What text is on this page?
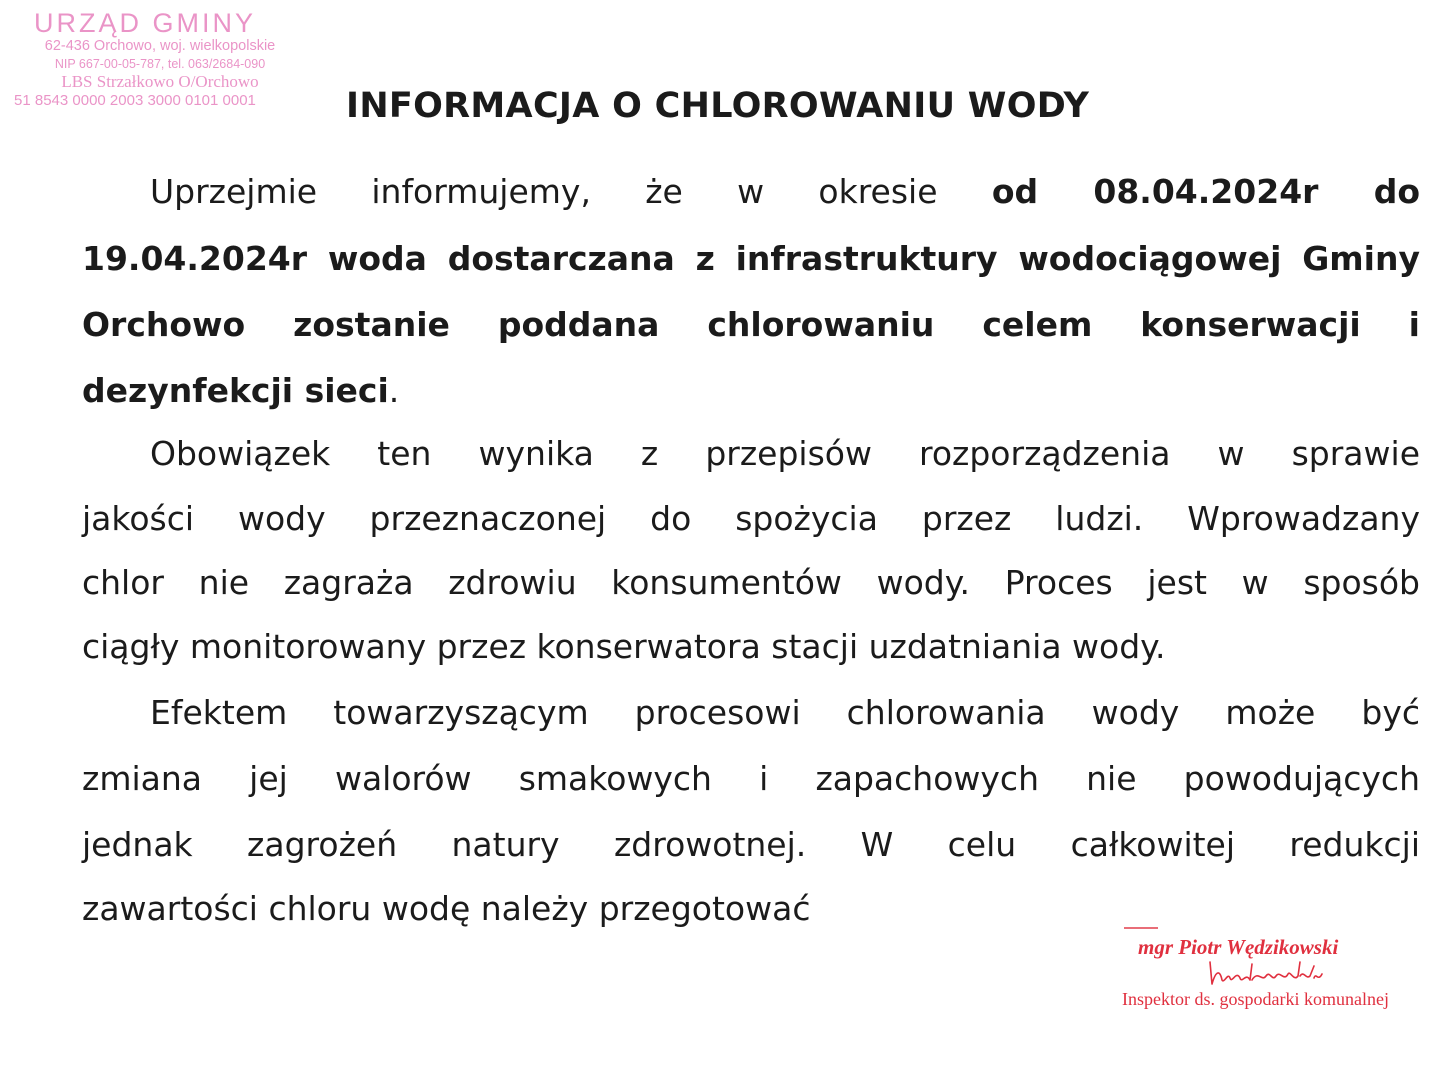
URZĄD GMINY
62-436 Orchowo, woj. wielkopolskie
NIP 667-00-05-787, tel. 063/2684-090
LBS Strzałkowo O/Orchowo
51 8543 0000 2003 3000 0101 0001	INFORMACJA O CHLOROWANIU WODY
Uprzejmie informujemy, że w okresie od 08.04.2024r do
19.04.2024r woda dostarczana z infrastruktury wodociągowej Gminy
Orchowo zostanie poddana chlorowaniu celem konserwacji i
dezynfekcji sieci.
Obowiązek ten wynika z przepisów rozporządzenia w sprawie
jakości wody przeznaczonej do spożycia przez ludzi. Wprowadzany
chlor nie zagraża zdrowiu konsumentów wody. Proces jest w sposób
ciągły monitorowany przez konserwatora stacji uzdatniania wody.
Efektem towarzyszącym procesowi chlorowania wody może być
zmiana jej walorów smakowych i zapachowych nie powodujących
jednak zagrożeń natury zdrowotnej. W celu całkowitej redukcji
zawartości chloru wodę należy przegotować
mgr Piotr Wędzikowski
Inspektor ds. gospodarki komunalnej
